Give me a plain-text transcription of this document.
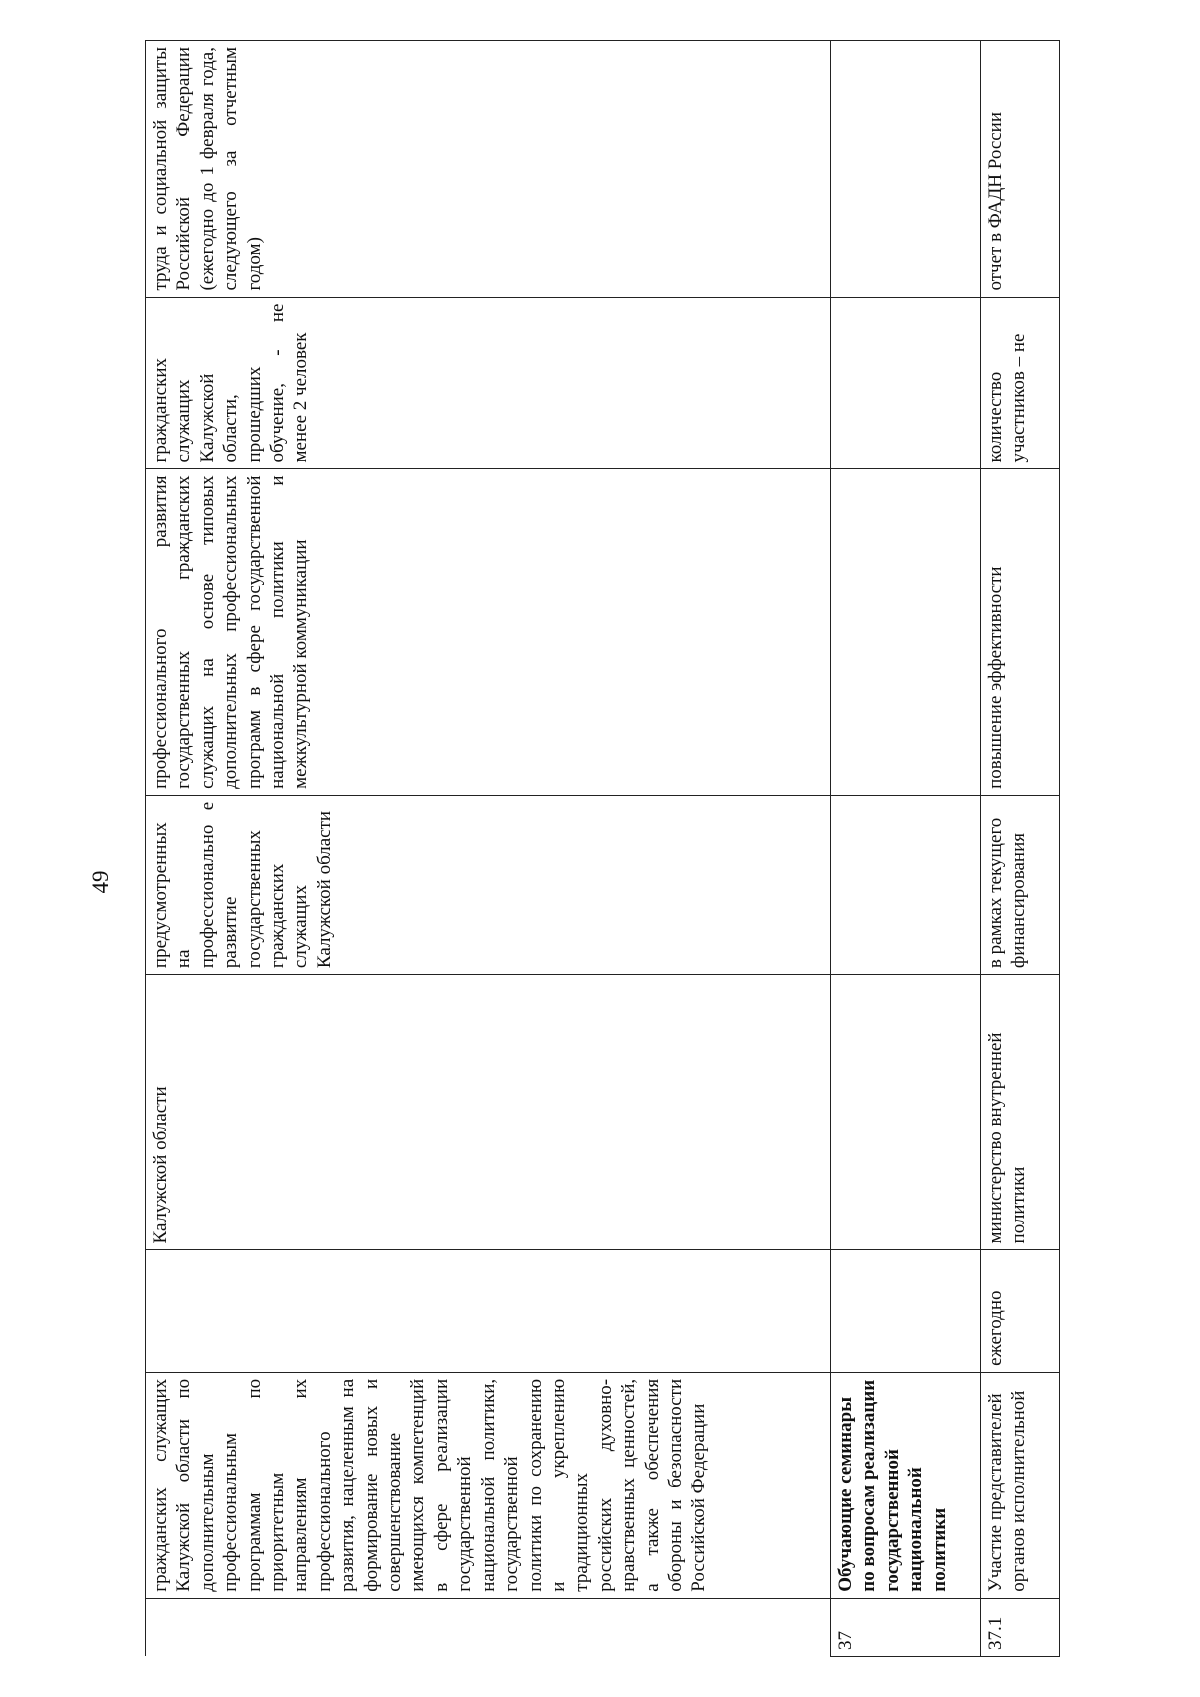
49
	гражданских служащих Калужской области по дополнительным профессиональным программам по приоритетным направлениям их профессионального развития, нацеленным на формирование новых и совершенствование имеющихся компетенций в сфере реализации государственной национальной политики, государственной политики по сохранению и укреплению традиционных российских духовно-нравственных ценностей, а также обеспечения обороны и безопасности Российской Федерации		Калужской области	предусмотренных на профессионально е развитие государственных гражданских служащих Калужской области	профессионального развития государственных гражданских служащих на основе типовых дополнительных профессиональных программ в сфере государственной национальной политики и межкультурной коммуникации	гражданских служащих Калужской области, прошедших обучение, - не менее 2 человек	труда и социальной защиты Российской Федерации (ежегодно до 1 февраля года, следующего за отчетным годом)
37	Обучающие семинары по вопросам реализации государственной национальной политики						
37.1	Участие представителей органов исполнительной	ежегодно	министерство внутренней политики	в рамках текущего финансирования	повышение эффективности	количество участников – не	отчет в ФАДН России
